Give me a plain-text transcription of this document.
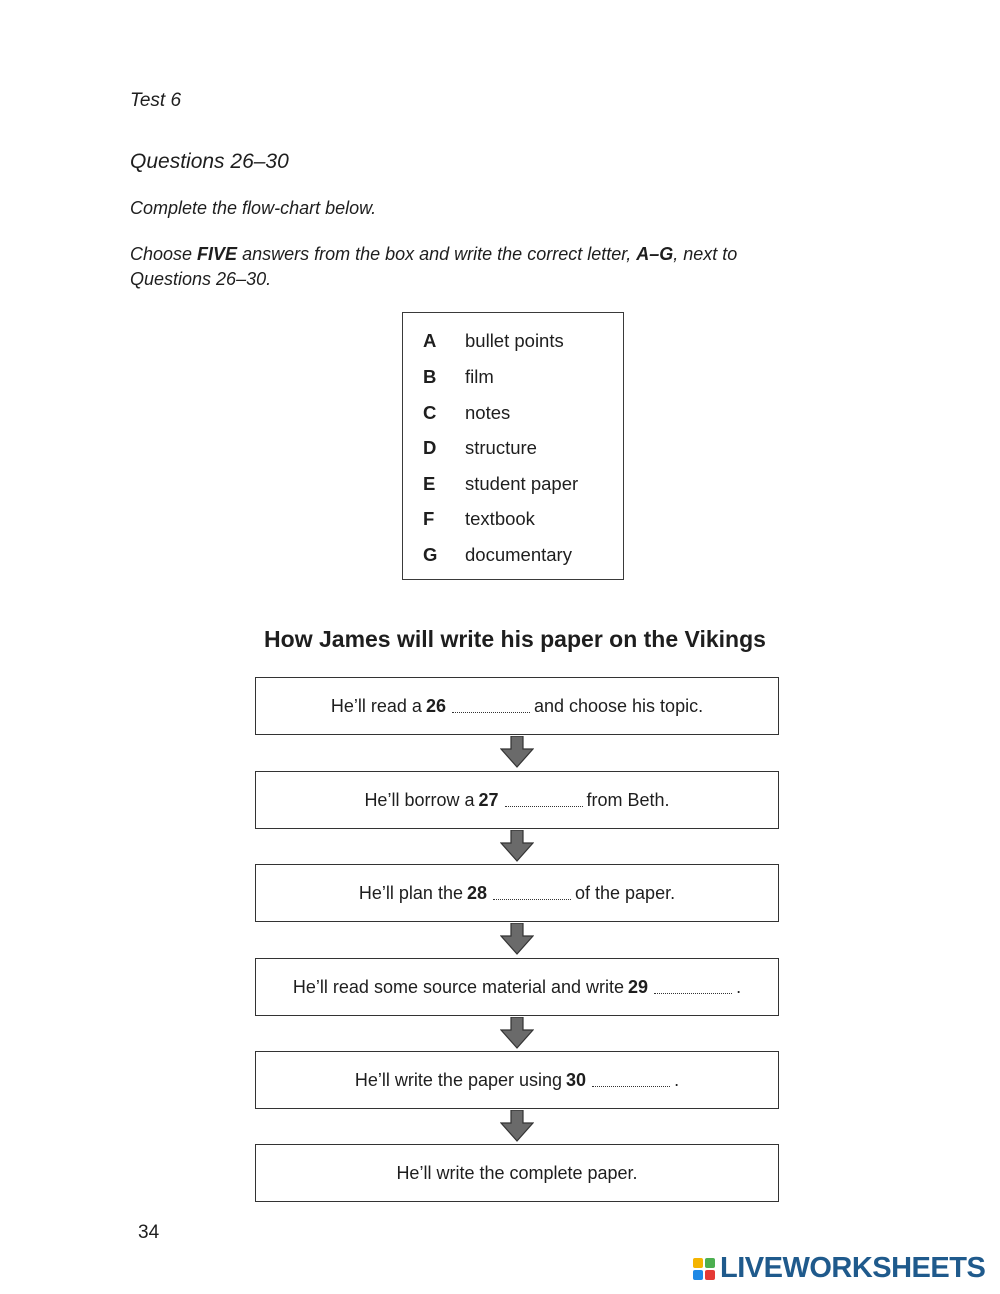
Test 6
Questions 26–30
Complete the flow-chart below.
Choose FIVE answers from the box and write the correct letter, A–G, next to Questions 26–30.
A	bullet points
B	film
C	notes
D	structure
E	student paper
F	textbook
G	documentary
How James will write his paper on the Vikings
He’ll read a 26	and choose his topic.
He’ll borrow a 27	from Beth.
He’ll plan the 28	of the paper.
He’ll read some source material and write 29	.
He’ll write the paper using 30	.
He’ll write the complete paper.
34
LIVEWORKSHEETS
